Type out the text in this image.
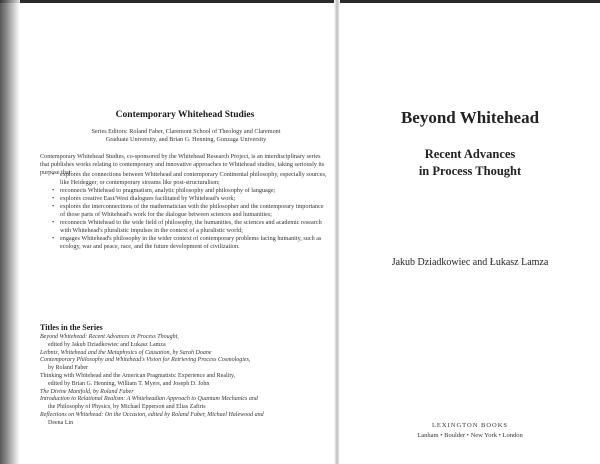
Contemporary Whitehead Studies
Series Editors: Roland Faber, Claremont School of Theology and Claremont
Graduate University, and Brian G. Henning, Gonzaga University
Contemporary Whitehead Studies, co-sponsored by the Whitehead Research Project, is an interdisciplinary series that publishes works relating to contemporary and innovative approaches to Whitehead studies, taking seriously its purpose that:
• explores the connections between Whitehead and contemporary Continental philosophy, especially sources, like Heidegger, or contemporary streams like post-structuralism;
• reconnects Whitehead to pragmatism, analytic philosophy and philosophy of language;
• explores creative East/West dialogues facilitated by Whitehead's work;
• explores the interconnections of the mathematician with the philosopher and the contemporary importance of those parts of Whitehead's work for the dialogue between sciences and humanities;
• reconnects Whitehead to the wide field of philosophy, the humanities, the sciences and academic research with Whitehead's pluralistic impulses in the context of a pluralistic world;
• engages Whitehead's philosophy in the wider context of contemporary problems facing humanity, such as ecology, war and peace, race, and the future development of civilization.
Titles in the Series
Beyond Whitehead: Recent Advances in Process Thought,
edited by Jakub Dziadkowiec and Łukasz Lamza
Leibniz, Whitehead and the Metaphysics of Causation, by Sarah Doane
Contemporary Philosophy and Whitehead's Vision for Retrieving Process Cosmologies,
by Roland Faber
Thinking with Whitehead and the American Pragmatists: Experience and Reality,
edited by Brian G. Henning, William T. Myers, and Joseph D. John
The Divine Manifold, by Roland Faber
Introduction to Relational Realism: A Whiteheadian Approach to Quantum Mechanics and
the Philosophy of Physics, by Michael Epperson and Elias Zafiris
Reflections on Whitehead: On the Occasion, edited by Roland Faber, Michael Halewood and
Deena Lin
Beyond Whitehead
Recent Advances
in Process Thought
Jakub Dziadkowiec and Łukasz Lamza
LEXINGTON BOOKS
Lanham • Boulder • New York • London
